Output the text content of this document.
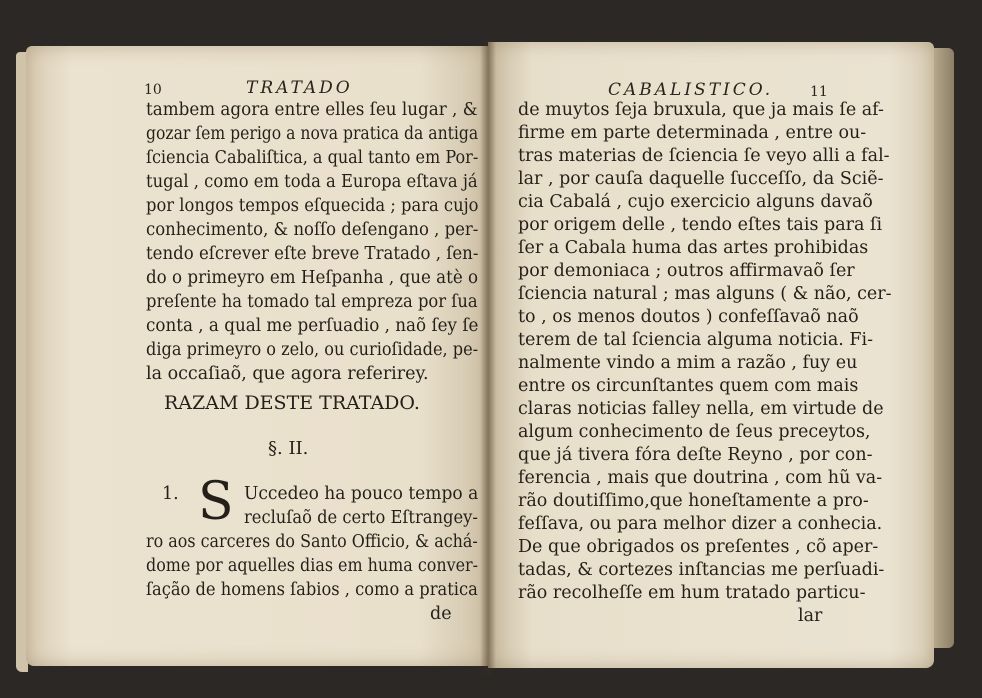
10	TRATADO
tambem agora entre elles ſeu lugar , &
gozar ſem perigo a nova pratica da antiga
ſciencia Cabaliſtica, a qual tanto em Por-
tugal , como em toda a Europa eſtava já
por longos tempos eſquecida ; para cujo
conhecimento, & noſſo deſengano , per-
tendo eſcrever eſte breve Tratado , ſen-
do o primeyro em Heſpanha , que atè o
preſente ha tomado tal empreza por ſua
conta , a qual me perſuadio , naõ ſey ſe
diga primeyro o zelo, ou curioſidade, pe-
la occaſiaõ, que agora referirey.
RAZAM DESTE TRATADO.
§. II.
1. S Uccedeo ha pouco tempo a
recluſaõ de certo Eſtrangey-
ro aos carceres do Santo Officio, & achá-
dome por aquelles dias em huma conver-
ſação de homens ſabios , como a pratica
de
CABALISTICO.	11
de muytos ſeja bruxula, que ja mais ſe af-
firme em parte determinada , entre ou-
tras materias de ſciencia ſe veyo alli a fal-
lar , por cauſa daquelle ſucceſſo, da Sciẽ-
cia Cabalá , cujo exercicio alguns davaõ
por origem delle , tendo eſtes tais para ſi
ſer a Cabala huma das artes prohibidas
por demoniaca ; outros affirmavaõ ſer
ſciencia natural ; mas alguns ( & não, cer-
to , os menos doutos ) confeſſavaõ naõ
terem de tal ſciencia alguma noticia. Fi-
nalmente vindo a mim a razão , fuy eu
entre os circunſtantes quem com mais
claras noticias falley nella, em virtude de
algum conhecimento de ſeus preceytos,
que já tivera fóra deſte Reyno , por con-
ferencia , mais que doutrina , com hũ va-
rão doutiſſimo,que honeſtamente a pro-
feſſava, ou para melhor dizer a conhecia.
De que obrigados os preſentes , cõ aper-
tadas, & cortezes inſtancias me perſuadi-
rão recolheſſe em hum tratado particu-
lar
